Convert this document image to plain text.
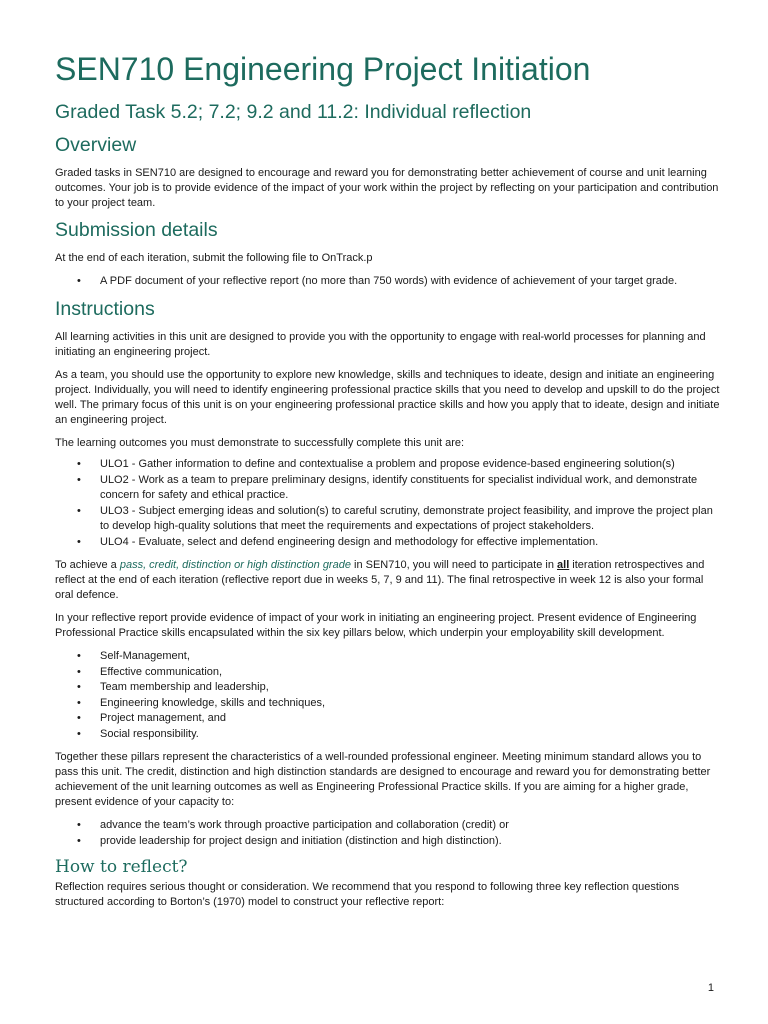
SEN710 Engineering Project Initiation
Graded Task 5.2; 7.2; 9.2 and 11.2: Individual reflection
Overview

Graded tasks in SEN710 are designed to encourage and reward you for demonstrating better achievement of course and unit learning outcomes. Your job is to provide evidence of the impact of your work within the project by reflecting on your participation and contribution to your project team.

Submission details

At the end of each iteration, submit the following file to OnTrack.p

• A PDF document of your reflective report (no more than 750 words) with evidence of achievement of your target grade.
Instructions

All learning activities in this unit are designed to provide you with the opportunity to engage with real-world processes for planning and initiating an engineering project.

As a team, you should use the opportunity to explore new knowledge, skills and techniques to ideate, design and initiate an engineering project. Individually, you will need to identify engineering professional practice skills that you need to develop and upskill to do the project well. The primary focus of this unit is on your engineering professional practice skills and how you apply that to ideate, design and initiate an engineering project.

The learning outcomes you must demonstrate to successfully complete this unit are:

• ULO1 - Gather information to define and contextualise a problem and propose evidence-based engineering solution(s)
• ULO2 - Work as a team to prepare preliminary designs, identify constituents for specialist individual work, and demonstrate concern for safety and ethical practice.
• ULO3 - Subject emerging ideas and solution(s) to careful scrutiny, demonstrate project feasibility, and improve the project plan to develop high-quality solutions that meet the requirements and expectations of project stakeholders.
• ULO4 - Evaluate, select and defend engineering design and methodology for effective implementation.

To achieve a pass, credit, distinction or high distinction grade in SEN710, you will need to participate in all iteration retrospectives and reflect at the end of each iteration (reflective report due in weeks 5, 7, 9 and 11). The final retrospective in week 12 is also your formal oral defence.

In your reflective report provide evidence of impact of your work in initiating an engineering project. Present evidence of Engineering Professional Practice skills encapsulated within the six key pillars below, which underpin your employability skill development.

• Self-Management,
• Effective communication,
• Team membership and leadership,
• Engineering knowledge, skills and techniques,
• Project management, and
• Social responsibility.

Together these pillars represent the characteristics of a well-rounded professional engineer. Meeting minimum standard allows you to pass this unit. The credit, distinction and high distinction standards are designed to encourage and reward you for demonstrating better achievement of the unit learning outcomes as well as Engineering Professional Practice skills. If you are aiming for a higher grade, present evidence of your capacity to:

• advance the team’s work through proactive participation and collaboration (credit) or
• provide leadership for project design and initiation (distinction and high distinction).
How to reflect?

Reflection requires serious thought or consideration. We recommend that you respond to following three key reflection questions structured according to Borton’s (1970) model to construct your reflective report:

1
